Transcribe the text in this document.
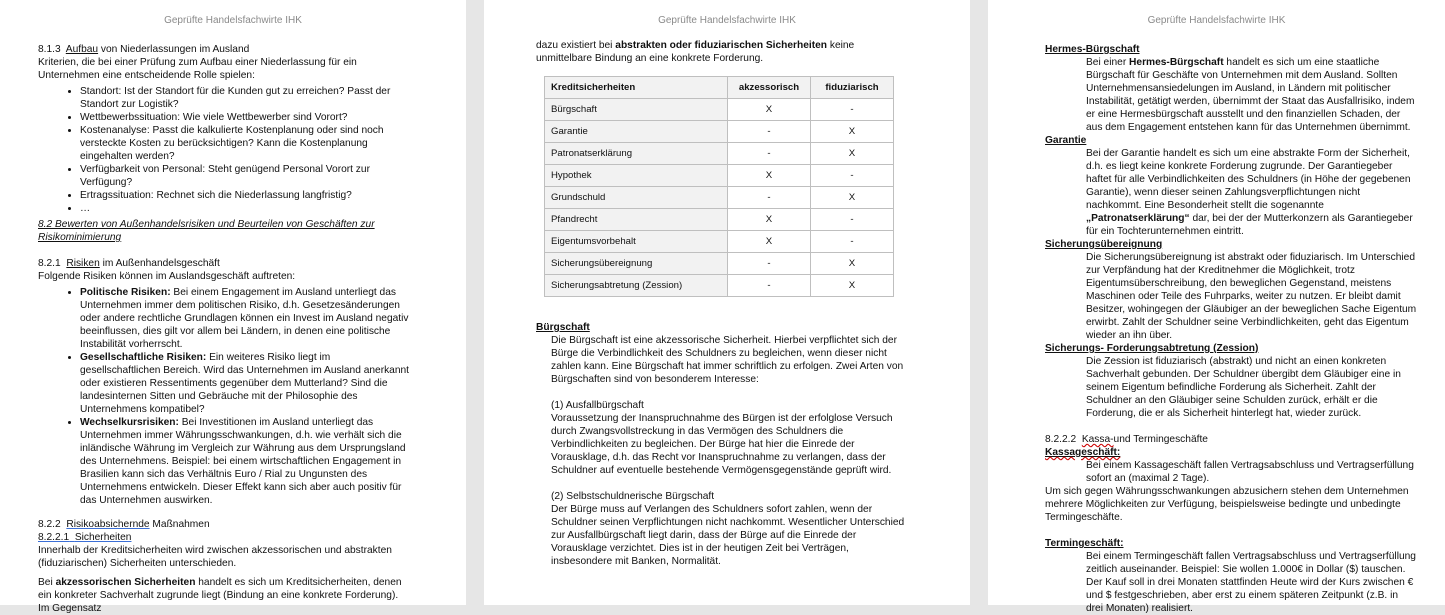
Geprüfte Handelsfachwirte IHK

8.1.3 Aufbau von Niederlassungen im Ausland

Kriterien, die bei einer Prüfung zum Aufbau einer Niederlassung für ein Unternehmen eine entscheidende Rolle spielen:

• Standort: Ist der Standort für die Kunden gut zu erreichen? Passt der Standort zur Logistik?
• Wettbewerbssituation: Wie viele Wettbewerber sind Vorort?
• Kostenanalyse: Passt die kalkulierte Kostenplanung oder sind noch versteckte Kosten zu berücksichtigen? Kann die Kostenplanung eingehalten werden?
• Verfügbarkeit von Personal: Steht genügend Personal Vorort zur Verfügung?
• Ertragssituation: Rechnet sich die Niederlassung langfristig?
• …

8.2 Bewerten von Außenhandelsrisiken und Beurteilen von Geschäften zur Risikominimierung

8.2.1 Risiken im Außenhandelsgeschäft

Folgende Risiken können im Auslandsgeschäft auftreten:

• Politische Risiken: Bei einem Engagement im Ausland unterliegt das Unternehmen immer dem politischen Risiko, d.h. Gesetzesänderungen oder andere rechtliche Grundlagen können ein Invest im Ausland negativ beeinflussen, dies gilt vor allem bei Ländern, in denen eine politische Instabilität vorherrscht.
• Gesellschaftliche Risiken: Ein weiteres Risiko liegt im gesellschaftlichen Bereich. Wird das Unternehmen im Ausland anerkannt oder existieren Ressentiments gegenüber dem Mutterland? Sind die landesinternen Sitten und Gebräuche mit der Philosophie des Unternehmens kompatibel?
• Wechselkursrisiken: Bei Investitionen im Ausland unterliegt das Unternehmen immer Währungsschwankungen, d.h. wie verhält sich die inländische Währung im Vergleich zur Währung aus dem Ursprungsland des Unternehmens. Beispiel: bei einem wirtschaftlichen Engagement in Brasilien kann sich das Verhältnis Euro / Rial zu Ungunsten des Unternehmens entwickeln. Dieser Effekt kann sich aber auch positiv für das Unternehmen auswirken.

8.2.2 Risikoabsichernde Maßnahmen

8.2.2.1 Sicherheiten

Innerhalb der Kreditsicherheiten wird zwischen akzessorischen und abstrakten (fiduziarischen) Sicherheiten unterschieden.

Bei akzessorischen Sicherheiten handelt es sich um Kreditsicherheiten, denen ein konkreter Sachverhalt zugrunde liegt (Bindung an eine konkrete Forderung). Im Gegensatz

Geprüfte Handelsfachwirte IHK

dazu existiert bei abstrakten oder fiduziarischen Sicherheiten keine unmittelbare Bindung an eine konkrete Forderung.

Kreditsicherheiten	akzessorisch	fiduziarisch
Bürgschaft	X	-
Garantie	-	X
Patronatserklärung	-	X
Hypothek	X	-
Grundschuld	-	X
Pfandrecht	X	-
Eigentumsvorbehalt	X	-
Sicherungsübereignung	-	X
Sicherungsabtretung (Zession)	-	X

Bürgschaft

Die Bürgschaft ist eine akzessorische Sicherheit. Hierbei verpflichtet sich der Bürge die Verbindlichkeit des Schuldners zu begleichen, wenn dieser nicht zahlen kann. Eine Bürgschaft hat immer schriftlich zu erfolgen. Zwei Arten von Bürgschaften sind von besonderem Interesse:

(1) Ausfallbürgschaft

Voraussetzung der Inanspruchnahme des Bürgen ist der erfolglose Versuch durch Zwangsvollstreckung in das Vermögen des Schuldners die Verbindlichkeiten zu begleichen. Der Bürge hat hier die Einrede der Vorausklage, d.h. das Recht vor Inanspruchnahme zu verlangen, dass der Schuldner auf eventuelle bestehende Vermögensgegenstände geprüft wird.

(2) Selbstschuldnerische Bürgschaft

Der Bürge muss auf Verlangen des Schuldners sofort zahlen, wenn der Schuldner seinen Verpflichtungen nicht nachkommt. Wesentlicher Unterschied zur Ausfallbürgschaft liegt darin, dass der Bürge auf die Einrede der Vorausklage verzichtet. Dies ist in der heutigen Zeit bei Verträgen, insbesondere mit Banken, Normalität.

Geprüfte Handelsfachwirte IHK

Hermes-Bürgschaft

Bei einer Hermes-Bürgschaft handelt es sich um eine staatliche Bürgschaft für Geschäfte von Unternehmen mit dem Ausland. Sollten Unternehmensansiedelungen im Ausland, in Ländern mit politischer Instabilität, getätigt werden, übernimmt der Staat das Ausfallrisiko, indem er eine Hermesbürgschaft ausstellt und den finanziellen Schaden, der aus dem Engagement entstehen kann für das Unternehmen übernimmt.

Garantie

Bei der Garantie handelt es sich um eine abstrakte Form der Sicherheit, d.h. es liegt keine konkrete Forderung zugrunde. Der Garantiegeber haftet für alle Verbindlichkeiten des Schuldners (in Höhe der gegebenen Garantie), wenn dieser seinen Zahlungsverpflichtungen nicht nachkommt. Eine Besonderheit stellt die sogenannte „Patronatserklärung“ dar, bei der der Mutterkonzern als Garantiegeber für ein Tochterunternehmen eintritt.

Sicherungsübereignung

Die Sicherungsübereignung ist abstrakt oder fiduziarisch. Im Unterschied zur Verpfändung hat der Kreditnehmer die Möglichkeit, trotz Eigentumsüberschreibung, den beweglichen Gegenstand, meistens Maschinen oder Teile des Fuhrparks, weiter zu nutzen. Er bleibt damit Besitzer, wohingegen der Gläubiger an der beweglichen Sache Eigentum erwirbt. Zahlt der Schuldner seine Verbindlichkeiten, geht das Eigentum wieder an ihn über.

Sicherungs- Forderungsabtretung (Zession)

Die Zession ist fiduziarisch (abstrakt) und nicht an einen konkreten Sachverhalt gebunden. Der Schuldner übergibt dem Gläubiger eine in seinem Eigentum befindliche Forderung als Sicherheit. Zahlt der Schuldner an den Gläubiger seine Schulden zurück, erhält er die Forderung, die er als Sicherheit hinterlegt hat, wieder zurück.

8.2.2.2 Kassa-und Termingeschäfte

Kassageschäft:

Bei einem Kassageschäft fallen Vertragsabschluss und Vertragserfüllung sofort an (maximal 2 Tage).

Um sich gegen Währungsschwankungen abzusichern stehen dem Unternehmen mehrere Möglichkeiten zur Verfügung, beispielsweise bedingte und unbedingte Termingeschäfte.

Termingeschäft:

Bei einem Termingeschäft fallen Vertragsabschluss und Vertragserfüllung zeitlich auseinander. Beispiel: Sie wollen 1.000€ in Dollar ($) tauschen. Der Kauf soll in drei Monaten stattfinden Heute wird der Kurs zwischen € und $ festgeschrieben, aber erst zu einem späteren Zeitpunkt (z.B. in drei Monaten) realisiert.
